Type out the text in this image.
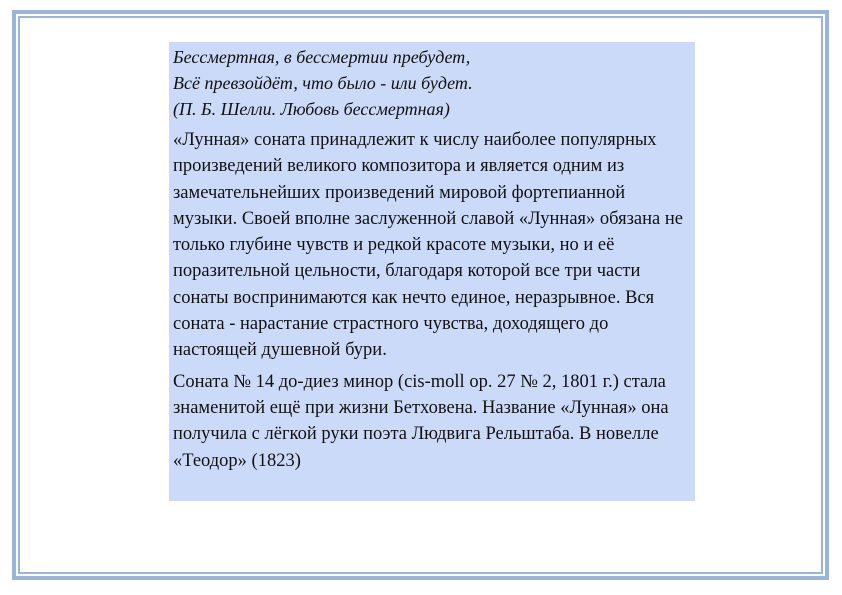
Бессмертная, в бессмертии пребудет,
Всё превзойдёт, что было - или будет.
(П. Б. Шелли. Любовь бессмертная)

«Лунная» соната принадлежит к числу наиболее популярных произведений великого композитора и является одним из замечательнейших произведений мировой фортепианной музыки. Своей вполне заслуженной славой «Лунная» обязана не только глубине чувств и редкой красоте музыки, но и её поразительной цельности, благодаря которой все три части сонаты воспринимаются как нечто единое, неразрывное. Вся соната - нарастание страстного чувства, доходящего до настоящей душевной бури.

Соната № 14 до-диез минор (cis-moll op. 27 № 2, 1801 г.) стала знаменитой ещё при жизни Бетховена. Название «Лунная» она получила с лёгкой руки поэта Людвига Рельштаба. В новелле «Теодор» (1823)
